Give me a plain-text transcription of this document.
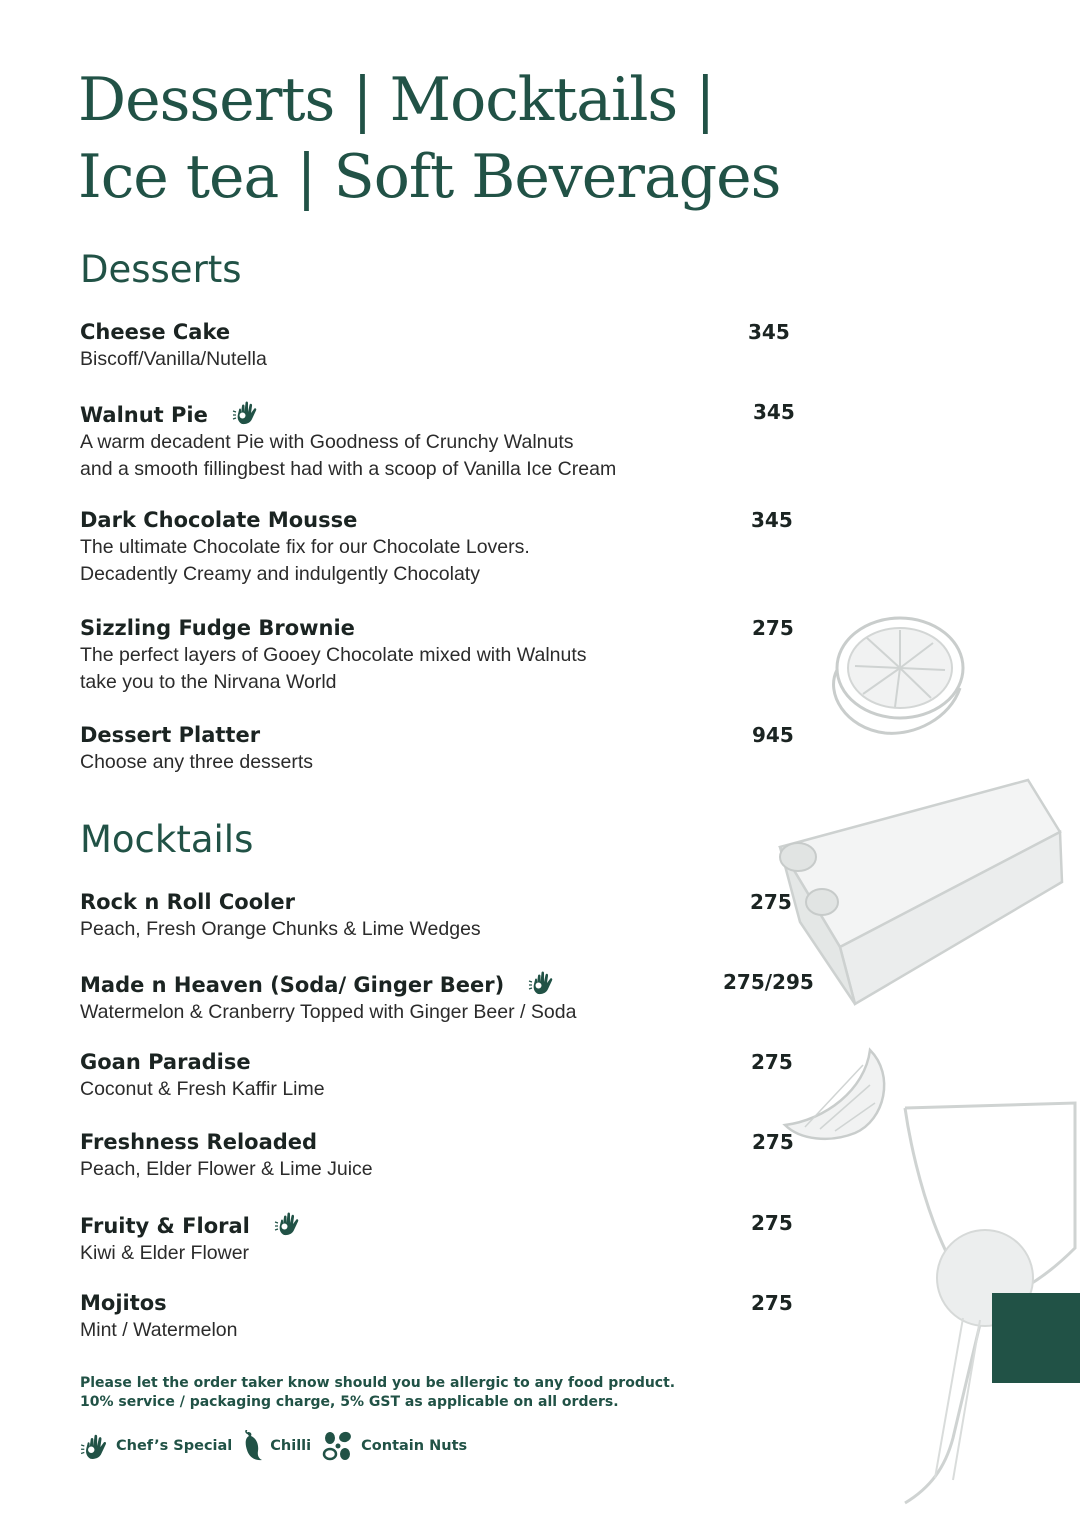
Desserts | Mocktails |
Ice tea | Soft Beverages
Desserts
Cheese Cake
Biscoff/Vanilla/Nutella
345
Walnut Pie
A warm decadent Pie with Goodness of Crunchy Walnuts
and a smooth fillingbest had with a scoop of Vanilla Ice Cream
345
Dark Chocolate Mousse
The ultimate Chocolate fix for our Chocolate Lovers.
Decadently Creamy and indulgently Chocolaty
345
Sizzling Fudge Brownie
The perfect layers of Gooey Chocolate mixed with Walnuts
take you to the Nirvana World
275
Dessert Platter
Choose any three desserts
945
Mocktails
Rock n Roll Cooler
Peach, Fresh Orange Chunks & Lime Wedges
275
Made n Heaven (Soda/ Ginger Beer)
Watermelon & Cranberry Topped with Ginger Beer / Soda
275/295
Goan Paradise
Coconut & Fresh Kaffir Lime
275
Freshness Reloaded
Peach, Elder Flower & Lime Juice
275
Fruity & Floral
Kiwi & Elder Flower
275
Mojitos
Mint / Watermelon
275
Please let the order taker know should you be allergic to any food product.
10% service / packaging charge, 5% GST as applicable on all orders.
Chef’s Special	Chilli	Contain Nuts
